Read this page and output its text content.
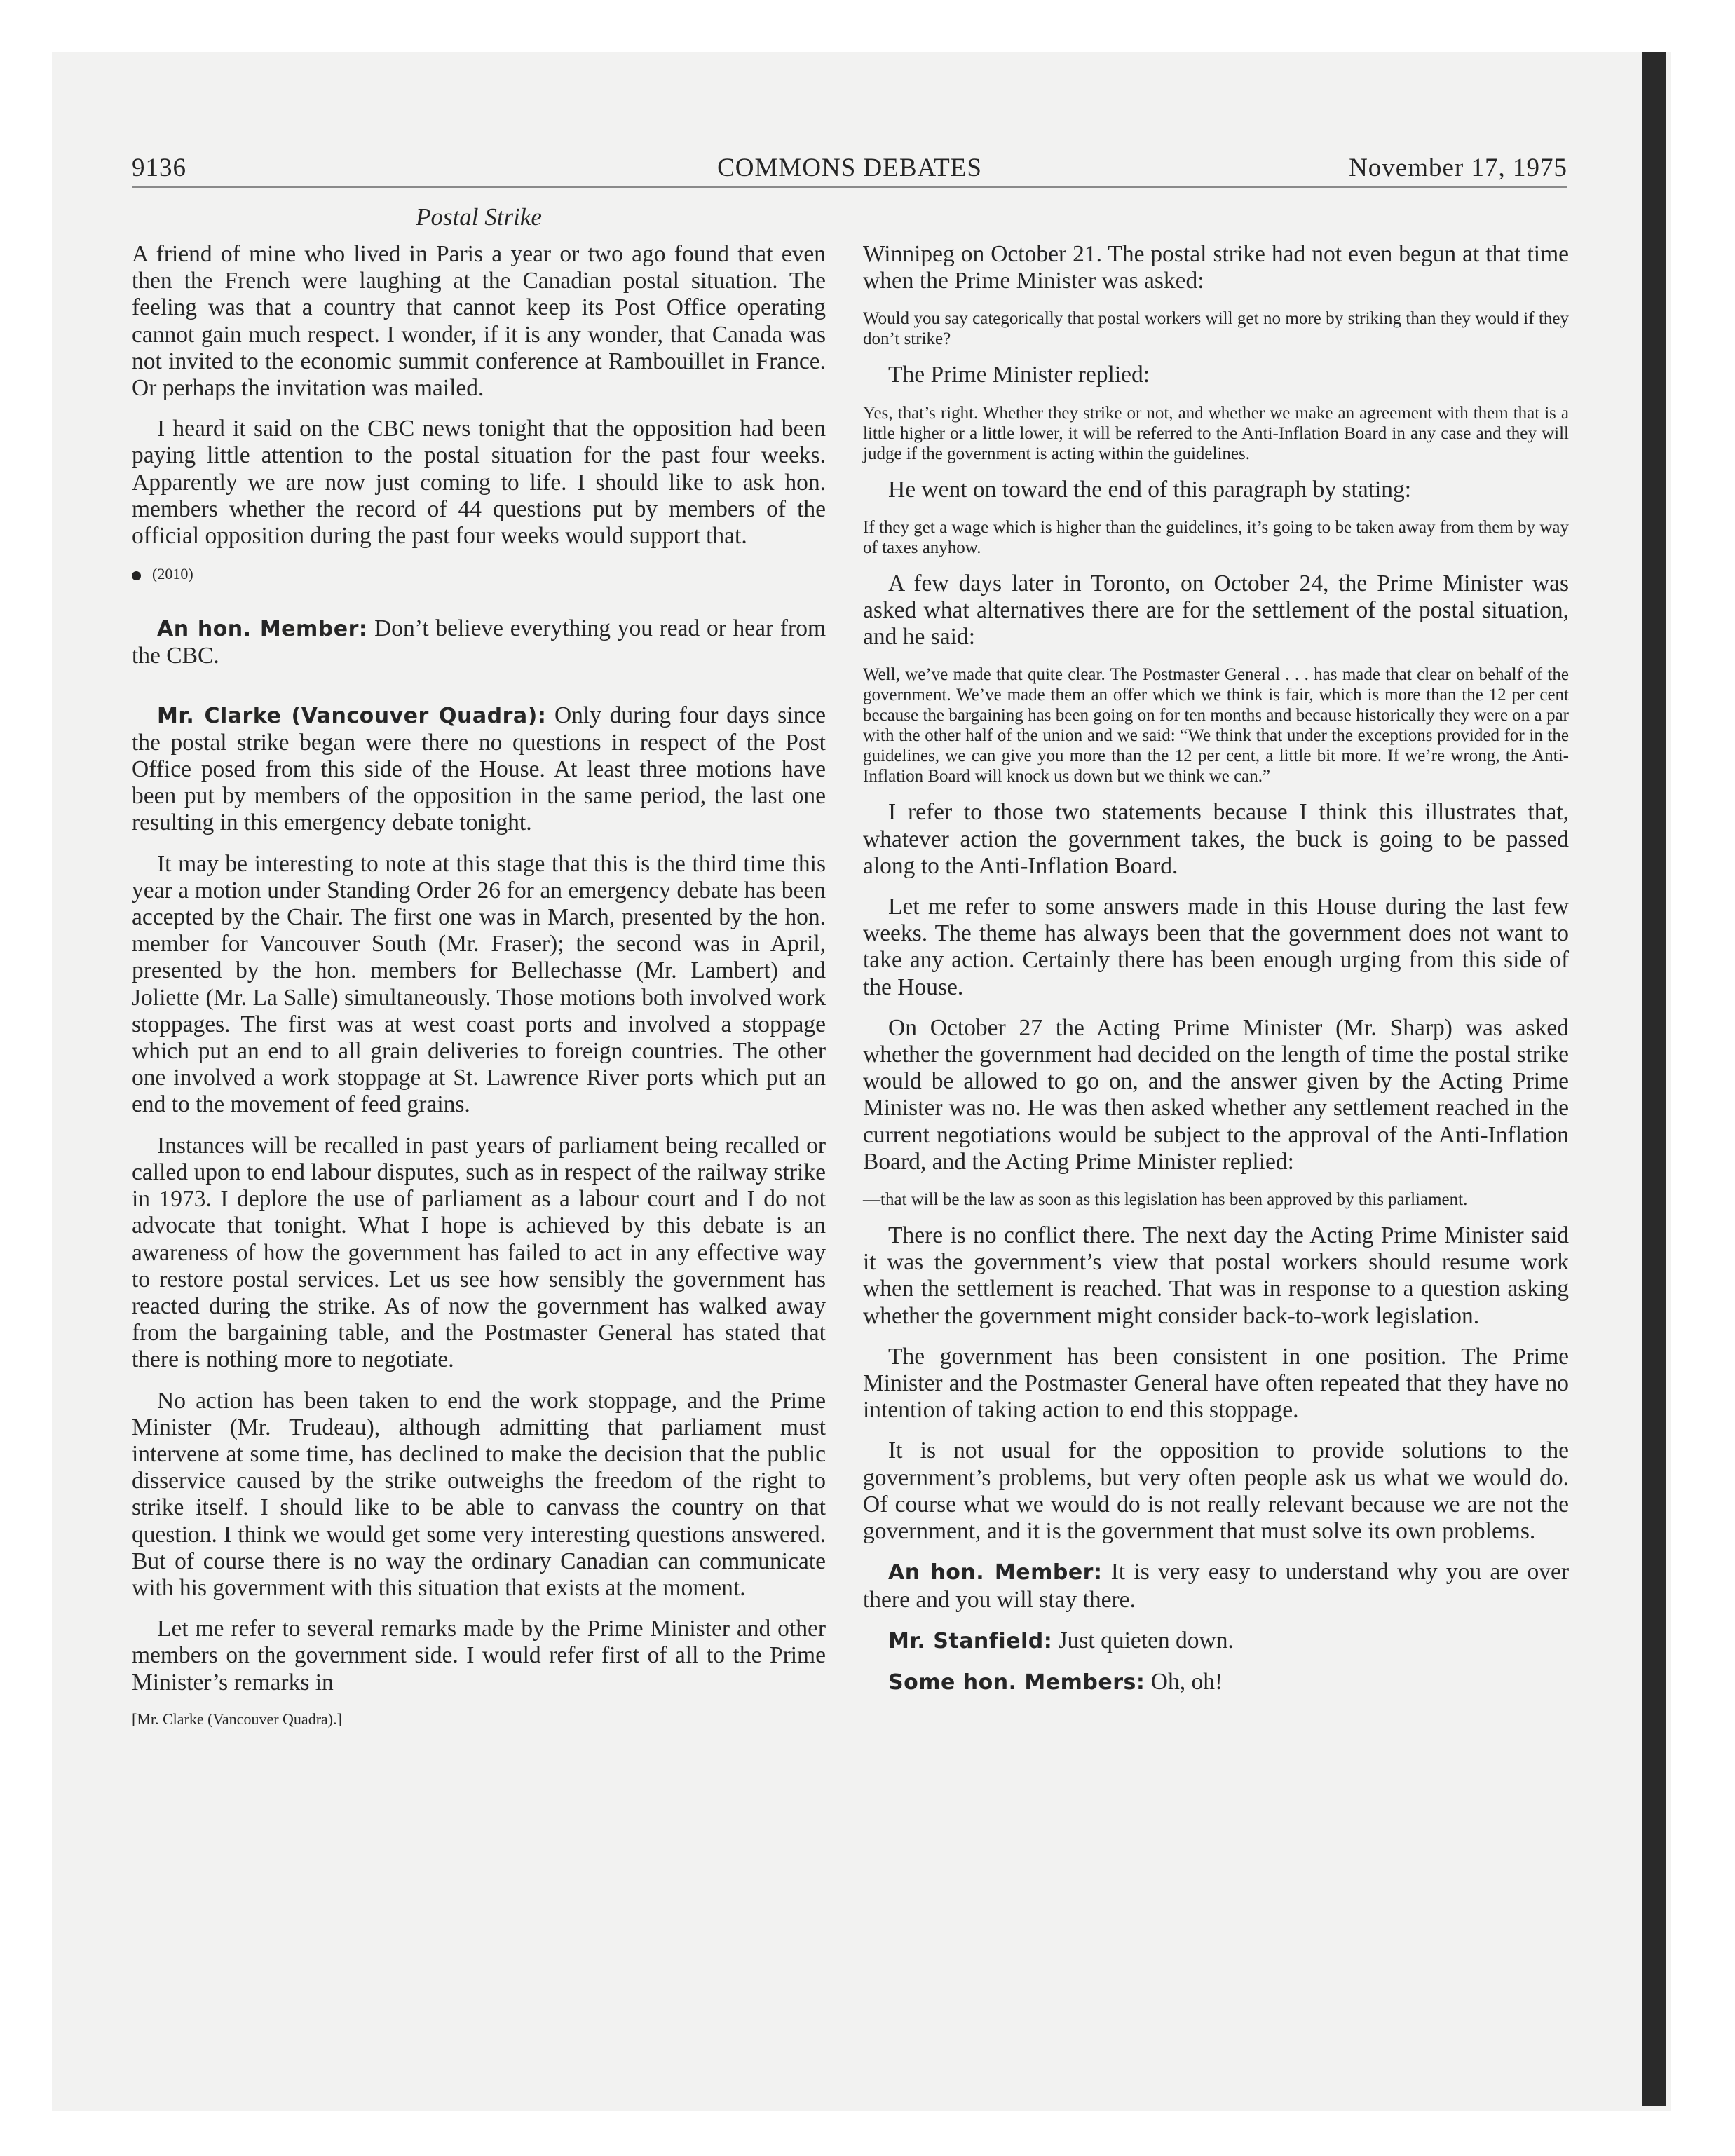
9136	COMMONS DEBATES	November 17, 1975
Postal Strike

A friend of mine who lived in Paris a year or two ago found that even then the French were laughing at the Canadian postal situation. The feeling was that a country that cannot keep its Post Office operating cannot gain much respect. I wonder, if it is any wonder, that Canada was not invited to the economic summit conference at Rambouillet in France. Or perhaps the invitation was mailed.

I heard it said on the CBC news tonight that the opposition had been paying little attention to the postal situation for the past four weeks. Apparently we are now just coming to life. I should like to ask hon. members whether the record of 44 questions put by members of the official opposition during the past four weeks would support that.

(2010)

An hon. Member: Don’t believe everything you read or hear from the CBC.

Mr. Clarke (Vancouver Quadra): Only during four days since the postal strike began were there no questions in respect of the Post Office posed from this side of the House. At least three motions have been put by members of the opposition in the same period, the last one resulting in this emergency debate tonight.

It may be interesting to note at this stage that this is the third time this year a motion under Standing Order 26 for an emergency debate has been accepted by the Chair. The first one was in March, presented by the hon. member for Vancouver South (Mr. Fraser); the second was in April, presented by the hon. members for Bellechasse (Mr. Lambert) and Joliette (Mr. La Salle) simultaneously. Those motions both involved work stoppages. The first was at west coast ports and involved a stoppage which put an end to all grain deliveries to foreign countries. The other one involved a work stoppage at St. Lawrence River ports which put an end to the movement of feed grains.

Instances will be recalled in past years of parliament being recalled or called upon to end labour disputes, such as in respect of the railway strike in 1973. I deplore the use of parliament as a labour court and I do not advocate that tonight. What I hope is achieved by this debate is an awareness of how the government has failed to act in any effective way to restore postal services. Let us see how sensibly the government has reacted during the strike. As of now the government has walked away from the bargaining table, and the Postmaster General has stated that there is nothing more to negotiate.

No action has been taken to end the work stoppage, and the Prime Minister (Mr. Trudeau), although admitting that parliament must intervene at some time, has declined to make the decision that the public disservice caused by the strike outweighs the freedom of the right to strike itself. I should like to be able to canvass the country on that question. I think we would get some very interesting questions answered. But of course there is no way the ordinary Canadian can communicate with his government with this situation that exists at the moment.

Let me refer to several remarks made by the Prime Minister and other members on the government side. I would refer first of all to the Prime Minister’s remarks in

[Mr. Clarke (Vancouver Quadra).]

Winnipeg on October 21. The postal strike had not even begun at that time when the Prime Minister was asked:

Would you say categorically that postal workers will get no more by striking than they would if they don’t strike?

The Prime Minister replied:

Yes, that’s right. Whether they strike or not, and whether we make an agreement with them that is a little higher or a little lower, it will be referred to the Anti-Inflation Board in any case and they will judge if the government is acting within the guidelines.

He went on toward the end of this paragraph by stating:

If they get a wage which is higher than the guidelines, it’s going to be taken away from them by way of taxes anyhow.

A few days later in Toronto, on October 24, the Prime Minister was asked what alternatives there are for the settlement of the postal situation, and he said:

Well, we’ve made that quite clear. The Postmaster General . . . has made that clear on behalf of the government. We’ve made them an offer which we think is fair, which is more than the 12 per cent because the bargaining has been going on for ten months and because historically they were on a par with the other half of the union and we said: “We think that under the exceptions provided for in the guidelines, we can give you more than the 12 per cent, a little bit more. If we’re wrong, the Anti-Inflation Board will knock us down but we think we can.”

I refer to those two statements because I think this illustrates that, whatever action the government takes, the buck is going to be passed along to the Anti-Inflation Board.

Let me refer to some answers made in this House during the last few weeks. The theme has always been that the government does not want to take any action. Certainly there has been enough urging from this side of the House.

On October 27 the Acting Prime Minister (Mr. Sharp) was asked whether the government had decided on the length of time the postal strike would be allowed to go on, and the answer given by the Acting Prime Minister was no. He was then asked whether any settlement reached in the current negotiations would be subject to the approval of the Anti-Inflation Board, and the Acting Prime Minister replied:

—that will be the law as soon as this legislation has been approved by this parliament.

There is no conflict there. The next day the Acting Prime Minister said it was the government’s view that postal workers should resume work when the settlement is reached. That was in response to a question asking whether the government might consider back-to-work legislation.

The government has been consistent in one position. The Prime Minister and the Postmaster General have often repeated that they have no intention of taking action to end this stoppage.

It is not usual for the opposition to provide solutions to the government’s problems, but very often people ask us what we would do. Of course what we would do is not really relevant because we are not the government, and it is the government that must solve its own problems.

An hon. Member: It is very easy to understand why you are over there and you will stay there.

Mr. Stanfield: Just quieten down.

Some hon. Members: Oh, oh!
